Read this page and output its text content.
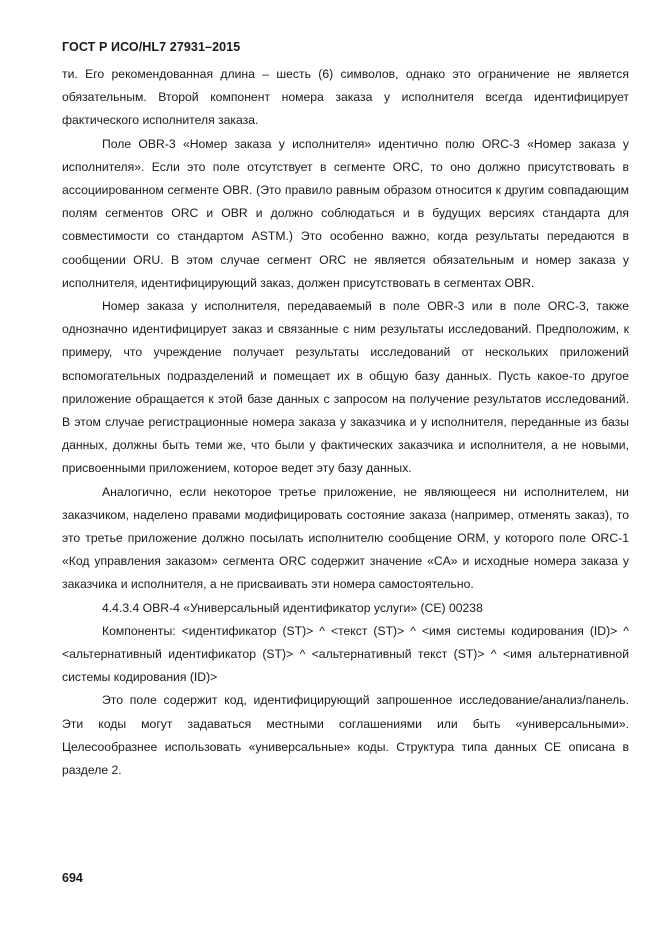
ГОСТ Р ИСО/HL7 27931–2015

ти. Его рекомендованная длина – шесть (6) символов, однако это ограничение не является обязательным. Второй компонент номера заказа у исполнителя всегда идентифицирует фактического исполнителя заказа.

Поле OBR-3 «Номер заказа у исполнителя» идентично полю ORC-3 «Номер заказа у исполнителя». Если это поле отсутствует в сегменте ORC, то оно должно присутствовать в ассоциированном сегменте OBR. (Это правило равным образом относится к другим совпадающим полям сегментов ORC и OBR и должно соблюдаться и в будущих версиях стандарта для совместимости со стандартом ASTM.) Это особенно важно, когда результаты передаются в сообщении ORU. В этом случае сегмент ORC не является обязательным и номер заказа у исполнителя, идентифицирующий заказ, должен присутствовать в сегментах OBR.

Номер заказа у исполнителя, передаваемый в поле OBR-3 или в поле ORC-3, также однозначно идентифицирует заказ и связанные с ним результаты исследований. Предположим, к примеру, что учреждение получает результаты исследований от нескольких приложений вспомогательных подразделений и помещает их в общую базу данных. Пусть какое-то другое приложение обращается к этой базе данных с запросом на получение результатов исследований. В этом случае регистрационные номера заказа у заказчика и у исполнителя, переданные из базы данных, должны быть теми же, что были у фактических заказчика и исполнителя, а не новыми, присвоенными приложением, которое ведет эту базу данных.

Аналогично, если некоторое третье приложение, не являющееся ни исполнителем, ни заказчиком, наделено правами модифицировать состояние заказа (например, отменять заказ), то это третье приложение должно посылать исполнителю сообщение ORM, у которого поле ORC-1 «Код управления заказом» сегмента ORC содержит значение «CA» и исходные номера заказа у заказчика и исполнителя, а не присваивать эти номера самостоятельно.

4.4.3.4 OBR-4 «Универсальный идентификатор услуги» (CE) 00238

Компоненты: <идентификатор (ST)> ^ <текст (ST)> ^ <имя системы кодирования (ID)> ^ <альтернативный идентификатор (ST)> ^ <альтернативный текст (ST)> ^ <имя альтернативной системы кодирования (ID)>

Это поле содержит код, идентифицирующий запрошенное исследование/анализ/панель. Эти коды могут задаваться местными соглашениями или быть «универсальными». Целесообразнее использовать «универсальные» коды. Структура типа данных CE описана в разделе 2.

694
